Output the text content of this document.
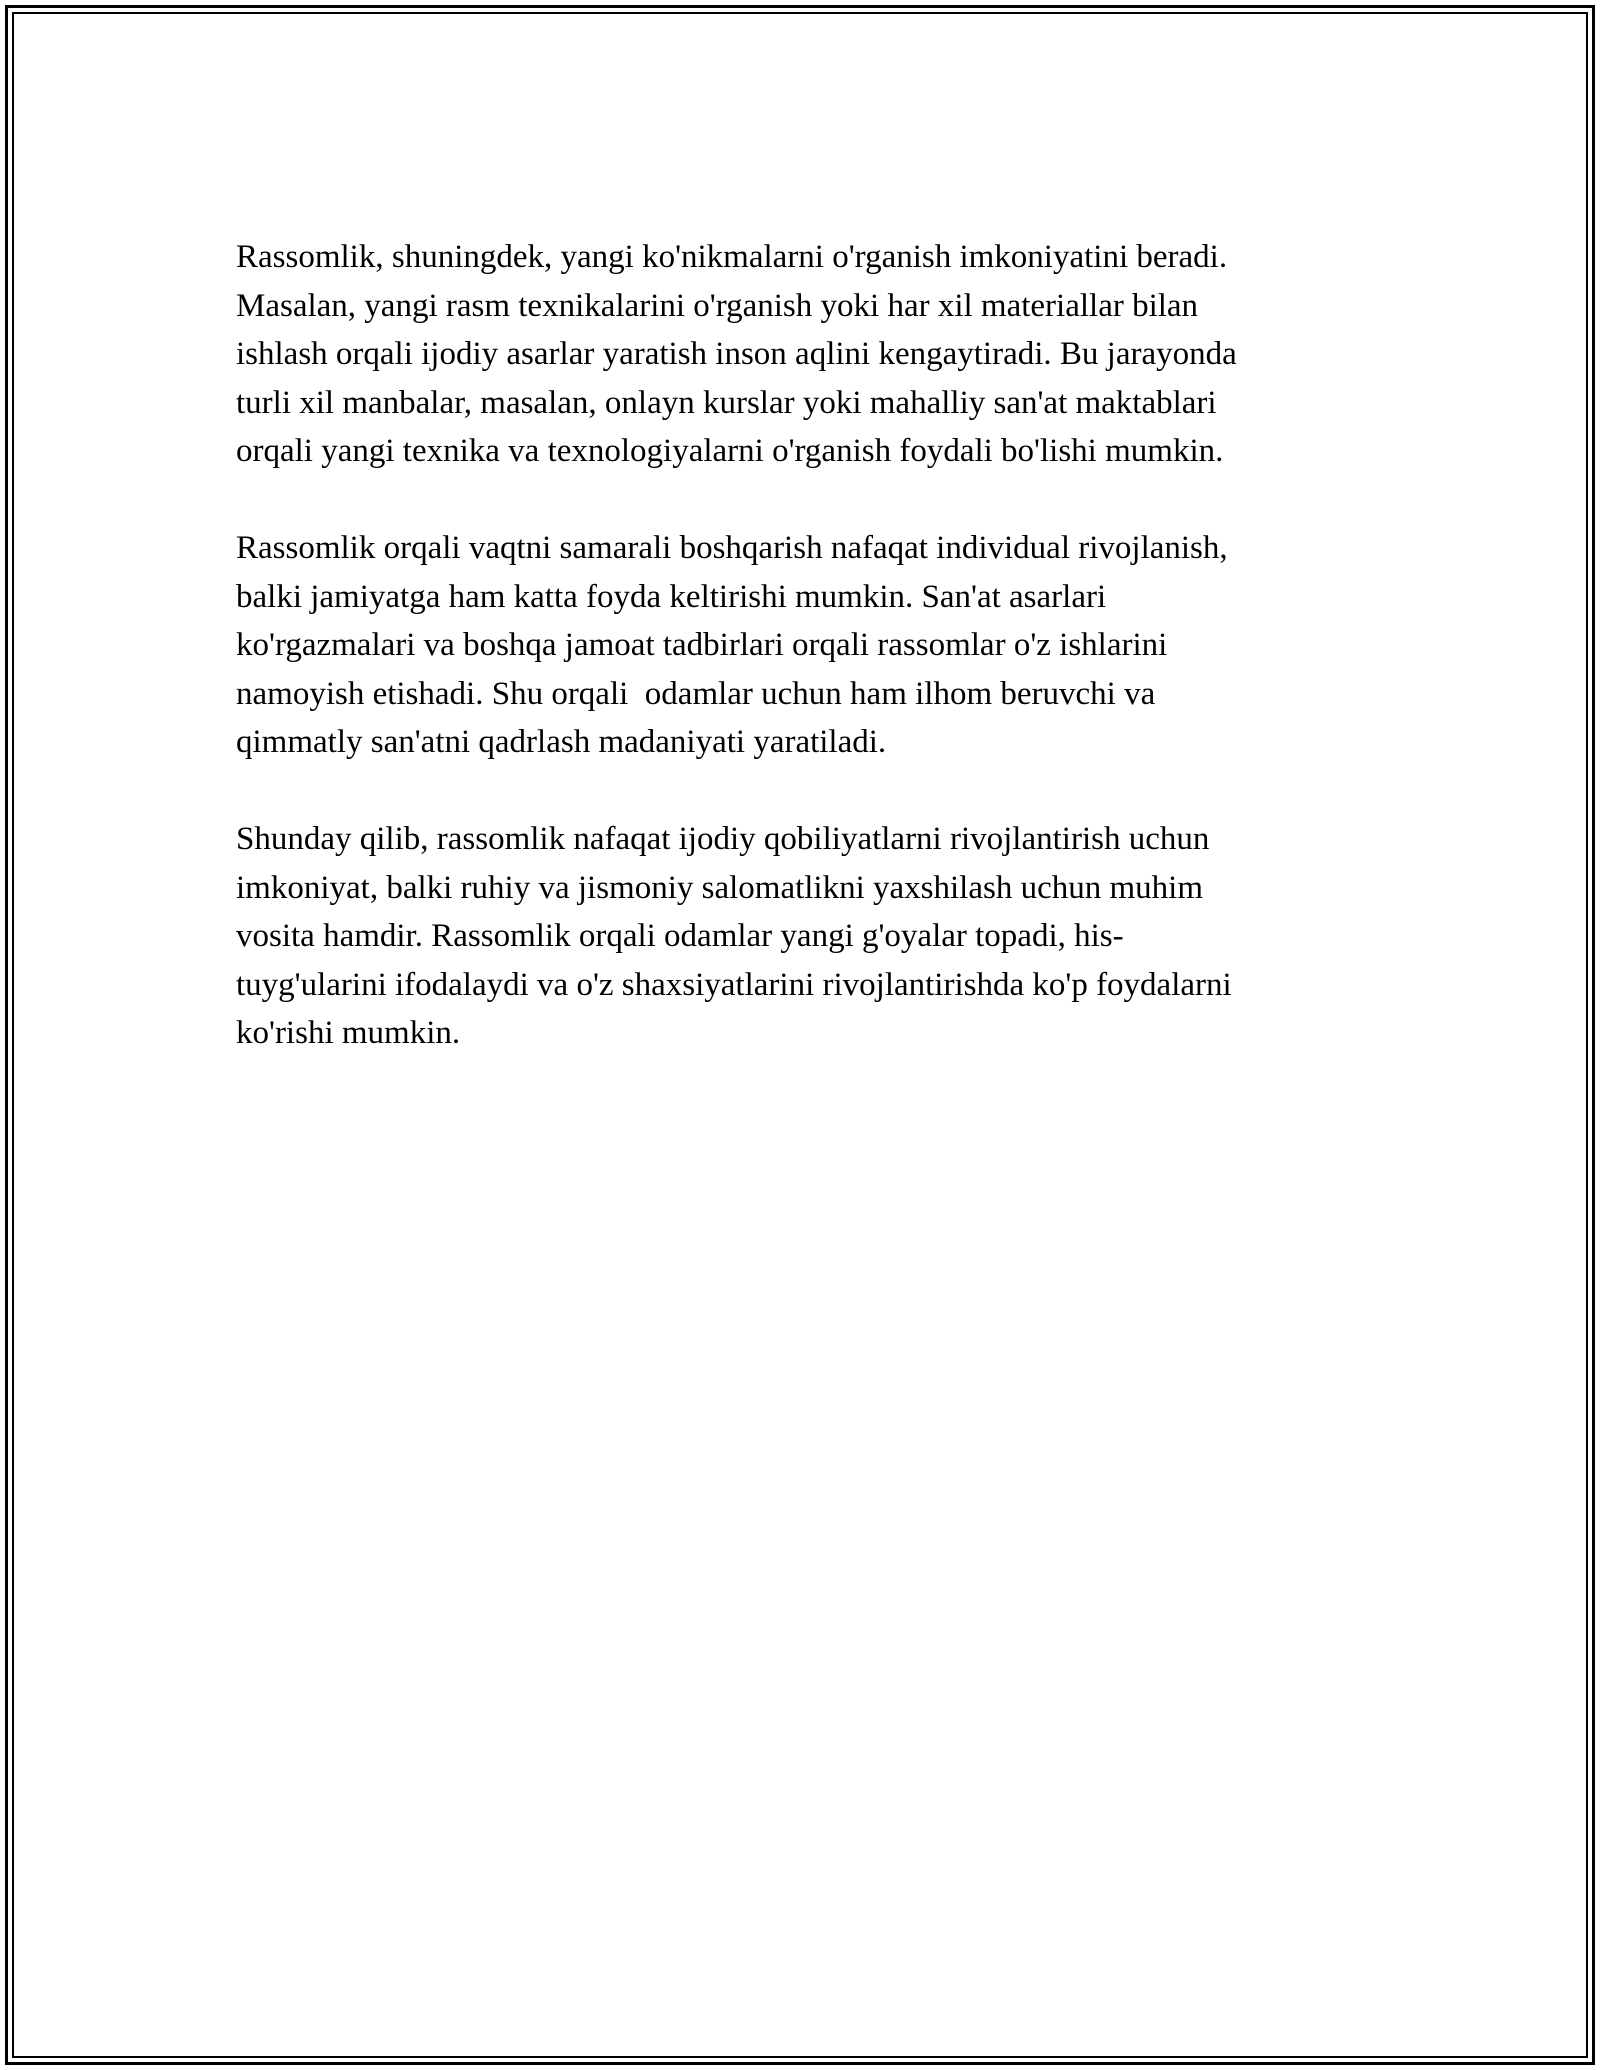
Rassomlik, shuningdek, yangi ko'nikmalarni o'rganish imkoniyatini beradi.
Masalan, yangi rasm texnikalarini o'rganish yoki har xil materiallar bilan
ishlash orqali ijodiy asarlar yaratish inson aqlini kengaytiradi. Bu jarayonda
turli xil manbalar, masalan, onlayn kurslar yoki mahalliy san'at maktablari
orqali yangi texnika va texnologiyalarni o'rganish foydali bo'lishi mumkin.

Rassomlik orqali vaqtni samarali boshqarish nafaqat individual rivojlanish,
balki jamiyatga ham katta foyda keltirishi mumkin. San'at asarlari
ko'rgazmalari va boshqa jamoat tadbirlari orqali rassomlar o'z ishlarini
namoyish etishadi. Shu orqali  odamlar uchun ham ilhom beruvchi va
qimmatly san'atni qadrlash madaniyati yaratiladi.

Shunday qilib, rassomlik nafaqat ijodiy qobiliyatlarni rivojlantirish uchun
imkoniyat, balki ruhiy va jismoniy salomatlikni yaxshilash uchun muhim
vosita hamdir. Rassomlik orqali odamlar yangi g'oyalar topadi, his-
tuyg'ularini ifodalaydi va o'z shaxsiyatlarini rivojlantirishda ko'p foydalarni
ko'rishi mumkin.
